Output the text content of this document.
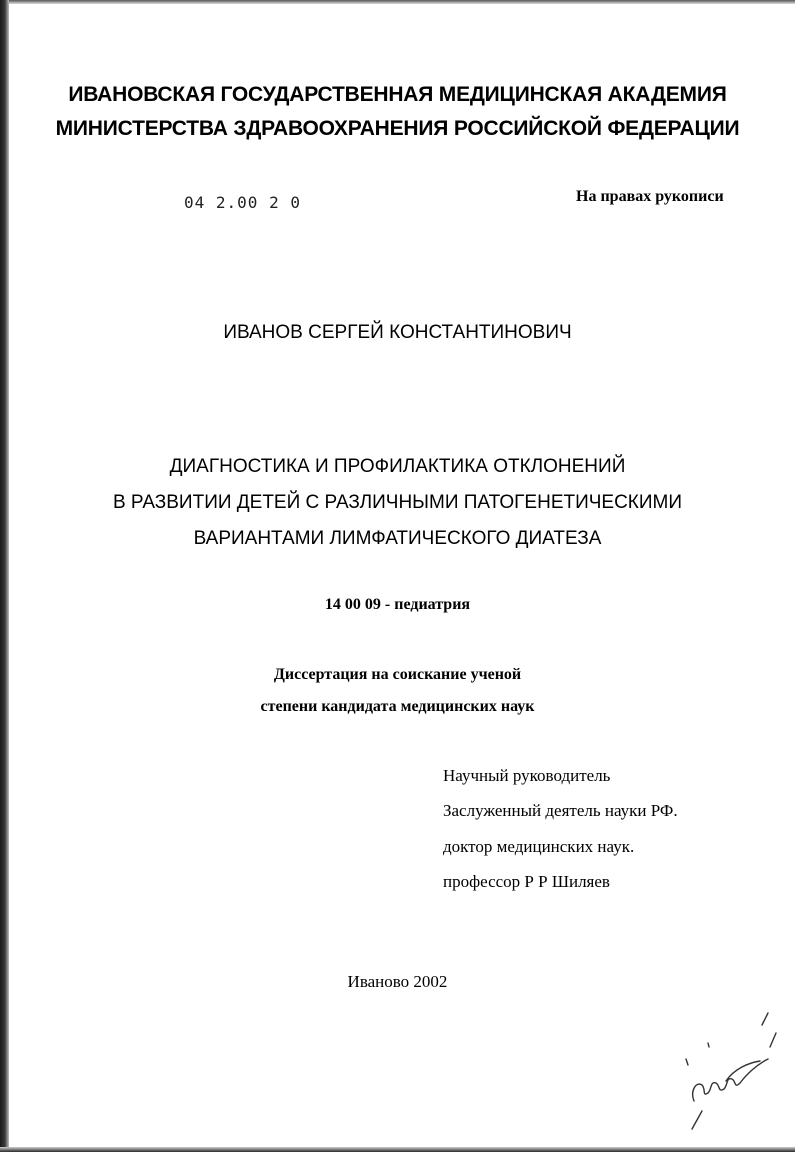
ИВАНОВСКАЯ ГОСУДАРСТВЕННАЯ МЕДИЦИНСКАЯ АКАДЕМИЯ
МИНИСТЕРСТВА ЗДРАВООХРАНЕНИЯ РОССИЙСКОЙ ФЕДЕРАЦИИ
04 2.00 2 0	На правах рукописи
ИВАНОВ СЕРГЕЙ КОНСТАНТИНОВИЧ
ДИАГНОСТИКА И ПРОФИЛАКТИКА ОТКЛОНЕНИЙ
В РАЗВИТИИ ДЕТЕЙ С РАЗЛИЧНЫМИ ПАТОГЕНЕТИЧЕСКИМИ
ВАРИАНТАМИ ЛИМФАТИЧЕСКОГО ДИАТЕЗА
14 00 09 - педиатрия
Диссертация на соискание ученой
степени кандидата медицинских наук
Научный руководитель
Заслуженный деятель науки РФ.
доктор медицинских наук.
профессор Р Р Шиляев
Иваново 2002
